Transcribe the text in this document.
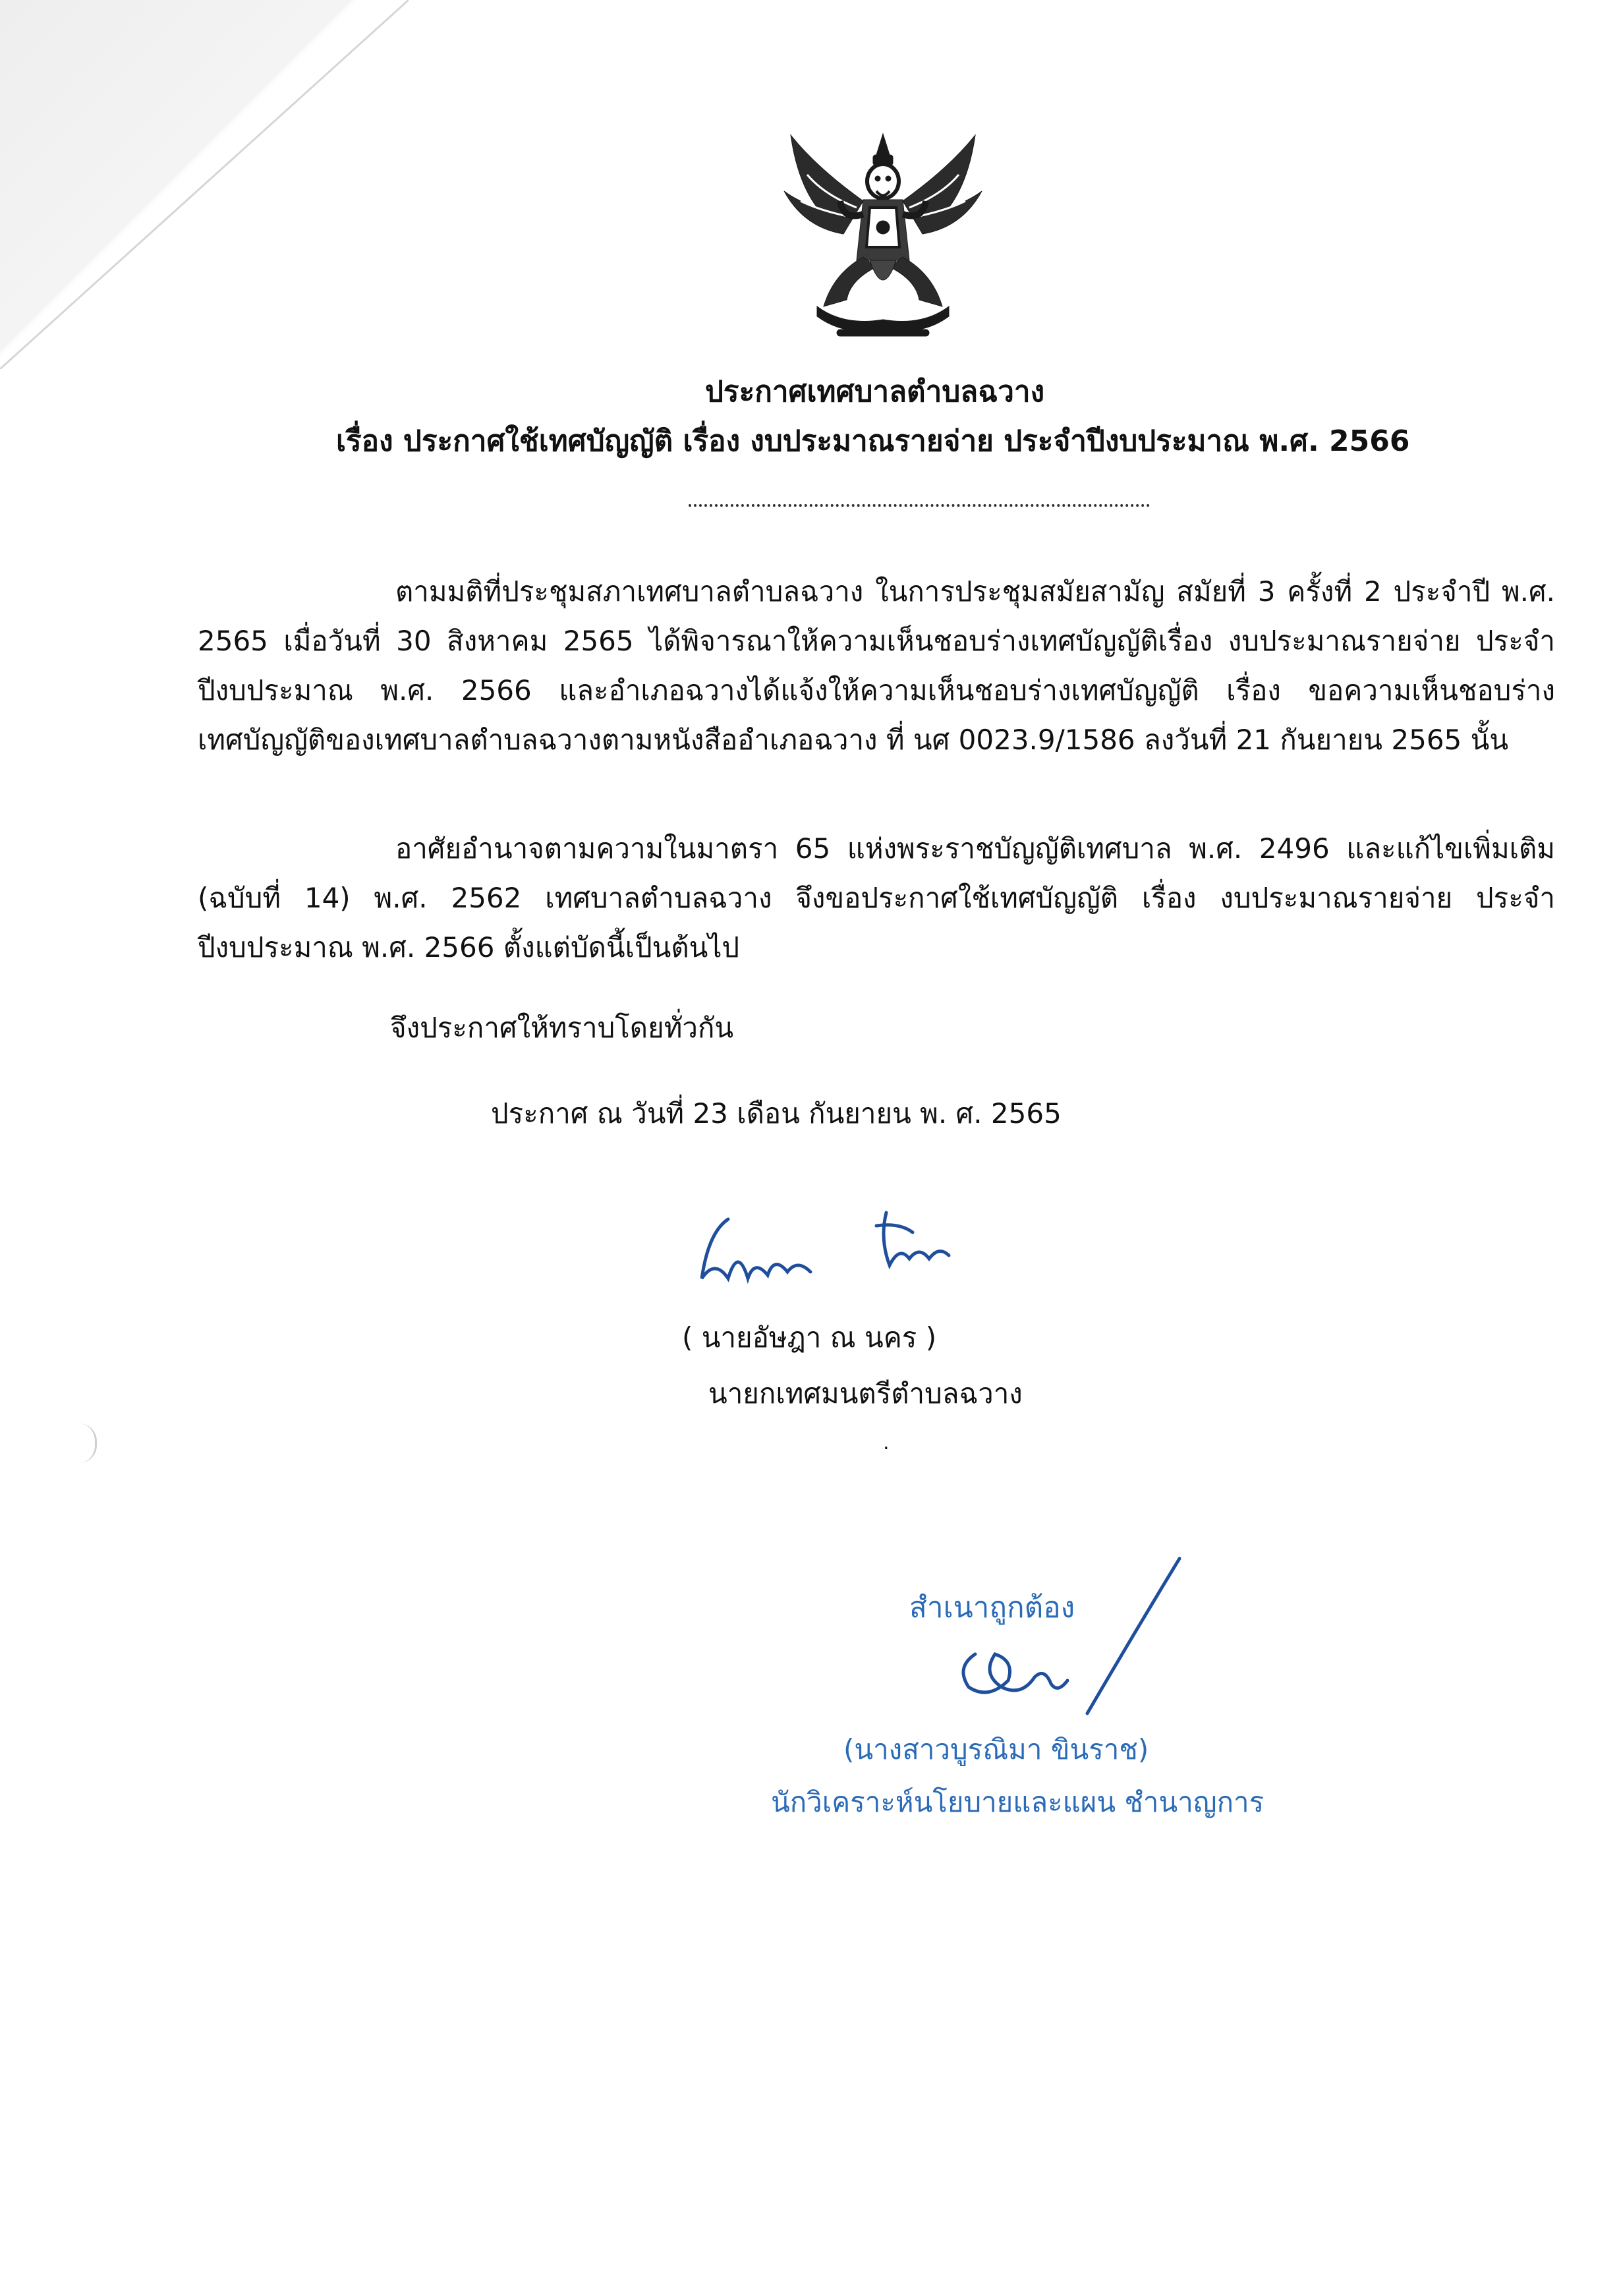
ประกาศเทศบาลตำบลฉวาง
เรื่อง ประกาศใช้เทศบัญญัติ เรื่อง งบประมาณรายจ่าย ประจำปีงบประมาณ พ.ศ. 2566
ตามมติที่ประชุมสภาเทศบาลตำบลฉวาง ในการประชุมสมัยสามัญ สมัยที่ 3 ครั้งที่ 2 ประจำปี พ.ศ. 2565 เมื่อวันที่ 30 สิงหาคม 2565 ได้พิจารณาให้ความเห็นชอบร่างเทศบัญญัติเรื่อง งบประมาณรายจ่าย ประจำปีงบประมาณ พ.ศ. 2566 และอำเภอฉวางได้แจ้งให้ความเห็นชอบร่างเทศบัญญัติ เรื่อง ขอความเห็นชอบร่างเทศบัญญัติของเทศบาลตำบลฉวางตามหนังสืออำเภอฉวาง ที่ นศ 0023.9/1586 ลงวันที่ 21 กันยายน 2565 นั้น
อาศัยอำนาจตามความในมาตรา 65 แห่งพระราชบัญญัติเทศบาล พ.ศ. 2496 และแก้ไขเพิ่มเติม (ฉบับที่ 14) พ.ศ. 2562 เทศบาลตำบลฉวาง จึงขอประกาศใช้เทศบัญญัติ เรื่อง งบประมาณรายจ่าย ประจำปีงบประมาณ พ.ศ. 2566 ตั้งแต่บัดนี้เป็นต้นไป
จึงประกาศให้ทราบโดยทั่วกัน
ประกาศ ณ วันที่ 23 เดือน กันยายน พ. ศ. 2565
( นายอัษฎา ณ นคร )
นายกเทศมนตรีตำบลฉวาง
.
สำเนาถูกต้อง
(นางสาวบูรณิมา ขินราช)
นักวิเคราะห์นโยบายและแผน ชำนาญการ
